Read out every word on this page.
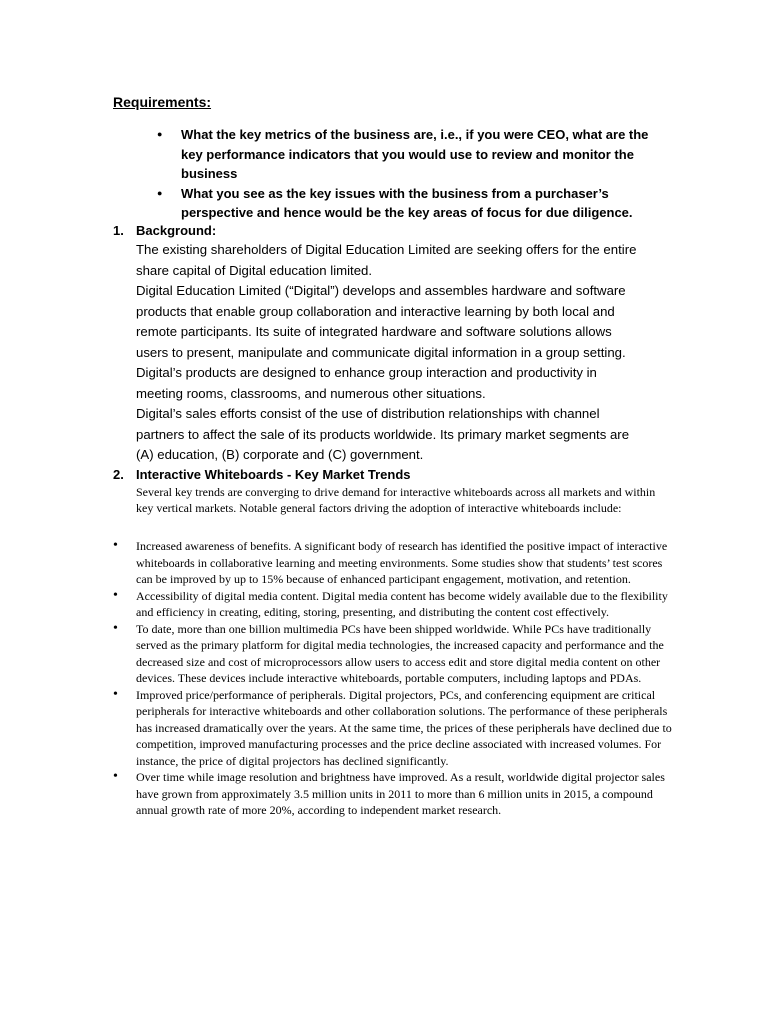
Requirements:
● What the key metrics of the business are, i.e., if you were CEO, what are the key performance indicators that you would use to review and monitor the business
● What you see as the key issues with the business from a purchaser’s perspective and hence would be the key areas of focus for due diligence.
1. Background:

The existing shareholders of Digital Education Limited are seeking offers for the entire share capital of Digital education limited.

Digital Education Limited (“Digital”) develops and assembles hardware and software products that enable group collaboration and interactive learning by both local and remote participants. Its suite of integrated hardware and software solutions allows users to present, manipulate and communicate digital information in a group setting.

Digital’s products are designed to enhance group interaction and productivity in meeting rooms, classrooms, and numerous other situations.

Digital’s sales efforts consist of the use of distribution relationships with channel partners to affect the sale of its products worldwide. Its primary market segments are (A) education, (B) corporate and (C) government.

2. Interactive Whiteboards - Key Market Trends

Several key trends are converging to drive demand for interactive whiteboards across all markets and within key vertical markets. Notable general factors driving the adoption of interactive whiteboards include:

• Increased awareness of benefits. A significant body of research has identified the positive impact of interactive whiteboards in collaborative learning and meeting environments. Some studies show that students’ test scores can be improved by up to 15% because of enhanced participant engagement, motivation, and retention.
• Accessibility of digital media content. Digital media content has become widely available due to the flexibility and efficiency in creating, editing, storing, presenting, and distributing the content cost effectively.
• To date, more than one billion multimedia PCs have been shipped worldwide. While PCs have traditionally served as the primary platform for digital media technologies, the increased capacity and performance and the decreased size and cost of microprocessors allow users to access edit and store digital media content on other devices. These devices include interactive whiteboards, portable computers, including laptops and PDAs.
• Improved price/performance of peripherals. Digital projectors, PCs, and conferencing equipment are critical peripherals for interactive whiteboards and other collaboration solutions. The performance of these peripherals has increased dramatically over the years. At the same time, the prices of these peripherals have declined due to competition, improved manufacturing processes and the price decline associated with increased volumes. For instance, the price of digital projectors has declined significantly.
• Over time while image resolution and brightness have improved. As a result, worldwide digital projector sales have grown from approximately 3.5 million units in 2011 to more than 6 million units in 2015, a compound annual growth rate of more 20%, according to independent market research.
